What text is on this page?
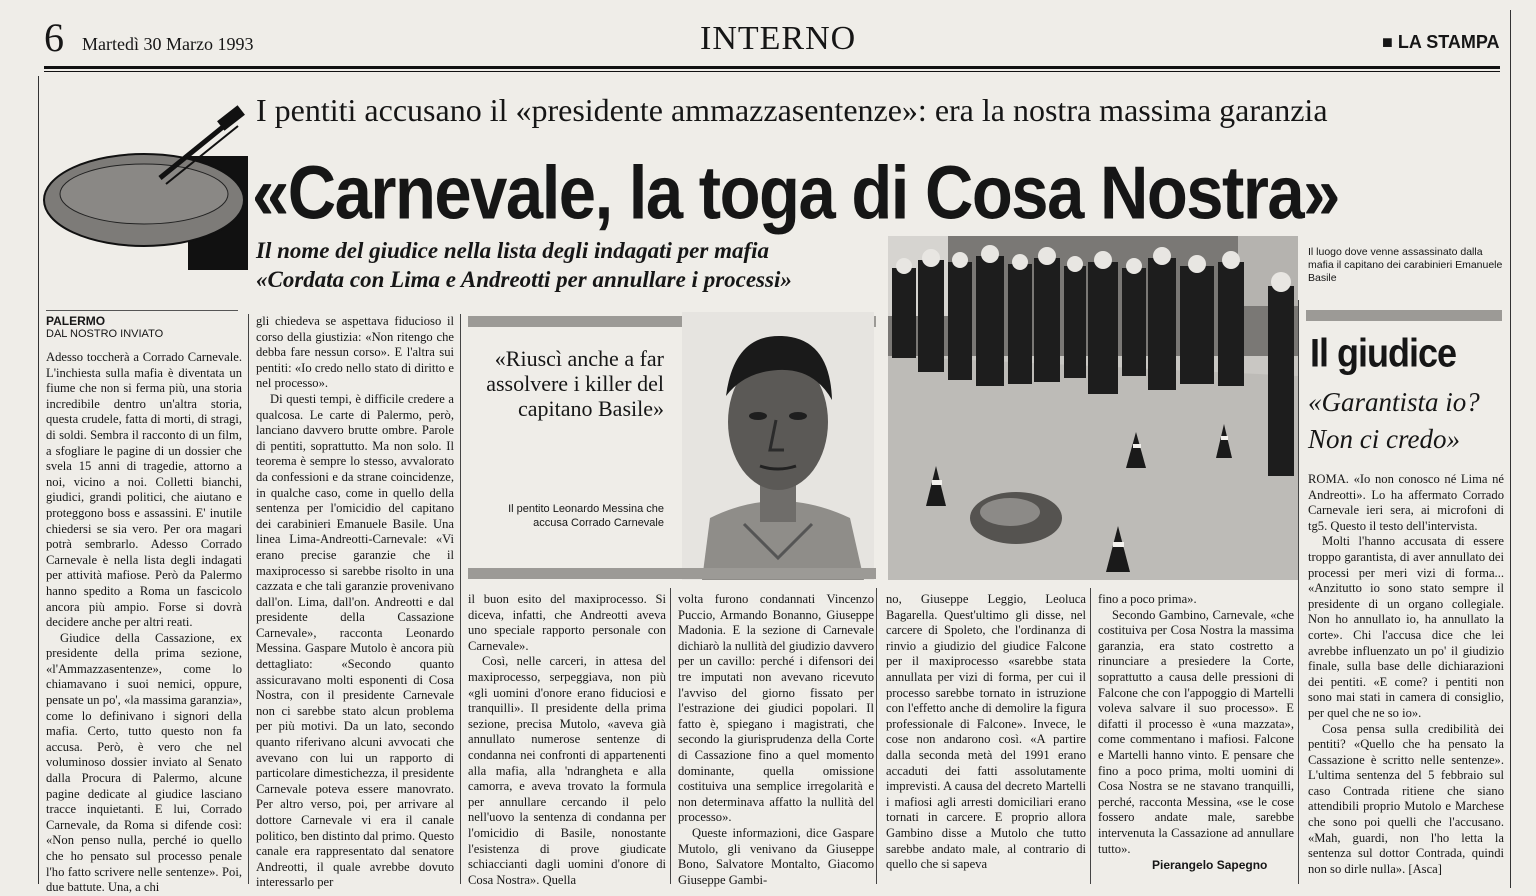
6 Martedì 30 Marzo 1993	INTERNO	■ LA STAMPA
I pentiti accusano il «presidente ammazzasentenze»: era la nostra massima garanzia
«Carnevale, la toga di Cosa Nostra»
Il nome del giudice nella lista degli indagati per mafia
«Cordata con Lima e Andreotti per annullare i processi»
PALERMO
DAL NOSTRO INVIATO

Adesso toccherà a Corrado Carnevale. L'inchiesta sulla mafia è diventata un fiume che non si ferma più, una storia incredibile dentro un'altra storia, questa crudele, fatta di morti, di stragi, di soldi. Sembra il racconto di un film, a sfogliare le pagine di un dossier che svela 15 anni di tragedie, attorno a noi, vicino a noi. Colletti bianchi, giudici, grandi politici, che aiutano e proteggono boss e assassini. E' inutile chiedersi se sia vero. Per ora magari potrà sembrarlo. Adesso Corrado Carnevale è nella lista degli indagati per attività mafiose. Però da Palermo hanno spedito a Roma un fascicolo ancora più ampio. Forse si dovrà decidere anche per altri reati.

Giudice della Cassazione, ex presidente della prima sezione, «l'Ammazzasentenze», come lo chiamavano i suoi nemici, oppure, pensate un po', «la massima garanzia», come lo definivano i signori della mafia. Certo, tutto questo non fa accusa. Però, è vero che nel voluminoso dossier inviato al Senato dalla Procura di Palermo, alcune pagine dedicate al giudice lasciano tracce inquietanti. E lui, Corrado Carnevale, da Roma si difende così: «Non penso nulla, perché io quello che ho pensato sul processo penale l'ho fatto scrivere nelle sentenze». Poi, due battute. Una, a chi

gli chiedeva se aspettava fiducioso il corso della giustizia: «Non ritengo che debba fare nessun corso». E l'altra sui pentiti: «Io credo nello stato di diritto e nel processo».

Di questi tempi, è difficile credere a qualcosa. Le carte di Palermo, però, lanciano davvero brutte ombre. Parole di pentiti, soprattutto. Ma non solo. Il teorema è sempre lo stesso, avvalorato da confessioni e da strane coincidenze, in qualche caso, come in quello della sentenza per l'omicidio del capitano dei carabinieri Emanuele Basile. Una linea Lima-Andreotti-Carnevale: «Vi erano precise garanzie che il maxiprocesso si sarebbe risolto in una cazzata e che tali garanzie provenivano dall'on. Lima, dall'on. Andreotti e dal presidente della Cassazione Carnevale», racconta Leonardo Messina. Gaspare Mutolo è ancora più dettagliato: «Secondo quanto assicuravano molti esponenti di Cosa Nostra, con il presidente Carnevale non ci sarebbe stato alcun problema per più motivi. Da un lato, secondo quanto riferivano alcuni avvocati che avevano con lui un rapporto di particolare dimestichezza, il presidente Carnevale poteva essere manovrato. Per altro verso, poi, per arrivare al dottore Carnevale vi era il canale politico, ben distinto dal primo. Questo canale era rappresentato dal senatore Andreotti, il quale avrebbe dovuto interessarlo per

«Riuscì anche a far assolvere i killer del capitano Basile»
Il pentito Leonardo Messina che accusa Corrado Carnevale
Il luogo dove venne assassinato dalla mafia il capitano dei carabinieri Emanuele Basile

il buon esito del maxiprocesso. Si diceva, infatti, che Andreotti aveva uno speciale rapporto personale con Carnevale».

Così, nelle carceri, in attesa del maxiprocesso, serpeggiava, non più «gli uomini d'onore erano fiduciosi e tranquilli». Il presidente della prima sezione, precisa Mutolo, «aveva già annullato numerose sentenze di condanna nei confronti di appartenenti alla mafia, alla 'ndrangheta e alla camorra, e aveva trovato la formula per annullare cercando il pelo nell'uovo la sentenza di condanna per l'omicidio di Basile, nonostante l'esistenza di prove giudicate schiaccianti dagli uomini d'onore di Cosa Nostra». Quella

volta furono condannati Vincenzo Puccio, Armando Bonanno, Giuseppe Madonia. E la sezione di Carnevale dichiarò la nullità del giudizio davvero per un cavillo: perché i difensori dei tre imputati non avevano ricevuto l'avviso del giorno fissato per l'estrazione dei giudici popolari. Il fatto è, spiegano i magistrati, che secondo la giurisprudenza della Corte di Cassazione fino a quel momento dominante, quella omissione costituiva una semplice irregolarità e non determinava affatto la nullità del processo».

Queste informazioni, dice Gaspare Mutolo, gli venivano da Giuseppe Bono, Salvatore Montalto, Giacomo Giuseppe Gambi-

no, Giuseppe Leggio, Leoluca Bagarella. Quest'ultimo gli disse, nel carcere di Spoleto, che l'ordinanza di rinvio a giudizio del giudice Falcone per il maxiprocesso «sarebbe stata annullata per vizi di forma, per cui il processo sarebbe tornato in istruzione con l'effetto anche di demolire la figura professionale di Falcone». Invece, le cose non andarono così. «A partire dalla seconda metà del 1991 erano accaduti dei fatti assolutamente imprevisti. A causa del decreto Martelli i mafiosi agli arresti domiciliari erano tornati in carcere. E proprio allora Gambino disse a Mutolo che tutto sarebbe andato male, al contrario di quello che si sapeva

fino a poco prima».

Secondo Gambino, Carnevale, «che costituiva per Cosa Nostra la massima garanzia, era stato costretto a rinunciare a presiedere la Corte, soprattutto a causa delle pressioni di Falcone che con l'appoggio di Martelli voleva salvare il suo processo». E difatti il processo è «una mazzata», come commentano i mafiosi. Falcone e Martelli hanno vinto. E pensare che fino a poco prima, molti uomini di Cosa Nostra se ne stavano tranquilli, perché, racconta Messina, «se le cose fossero andate male, sarebbe intervenuta la Cassazione ad annullare tutto».

Pierangelo Sapegno
Il giudice
«Garantista io? Non ci credo»

ROMA. «Io non conosco né Lima né Andreotti». Lo ha affermato Corrado Carnevale ieri sera, ai microfoni di tg5. Questo il testo dell'intervista.

Molti l'hanno accusata di essere troppo garantista, di aver annullato dei processi per meri vizi di forma... «Anzitutto io sono stato sempre il presidente di un organo collegiale. Non ho annullato io, ha annullato la corte». Chi l'accusa dice che lei avrebbe influenzato un po' il giudizio finale, sulla base delle dichiarazioni dei pentiti. «E come? i pentiti non sono mai stati in camera di consiglio, per quel che ne so io».

Cosa pensa sulla credibilità dei pentiti? «Quello che ha pensato la Cassazione è scritto nelle sentenze». L'ultima sentenza del 5 febbraio sul caso Contrada ritiene che siano attendibili proprio Mutolo e Marchese che sono poi quelli che l'accusano. «Mah, guardi, non l'ho letta la sentenza sul dottor Contrada, quindi non so dirle nulla». [Asca]
